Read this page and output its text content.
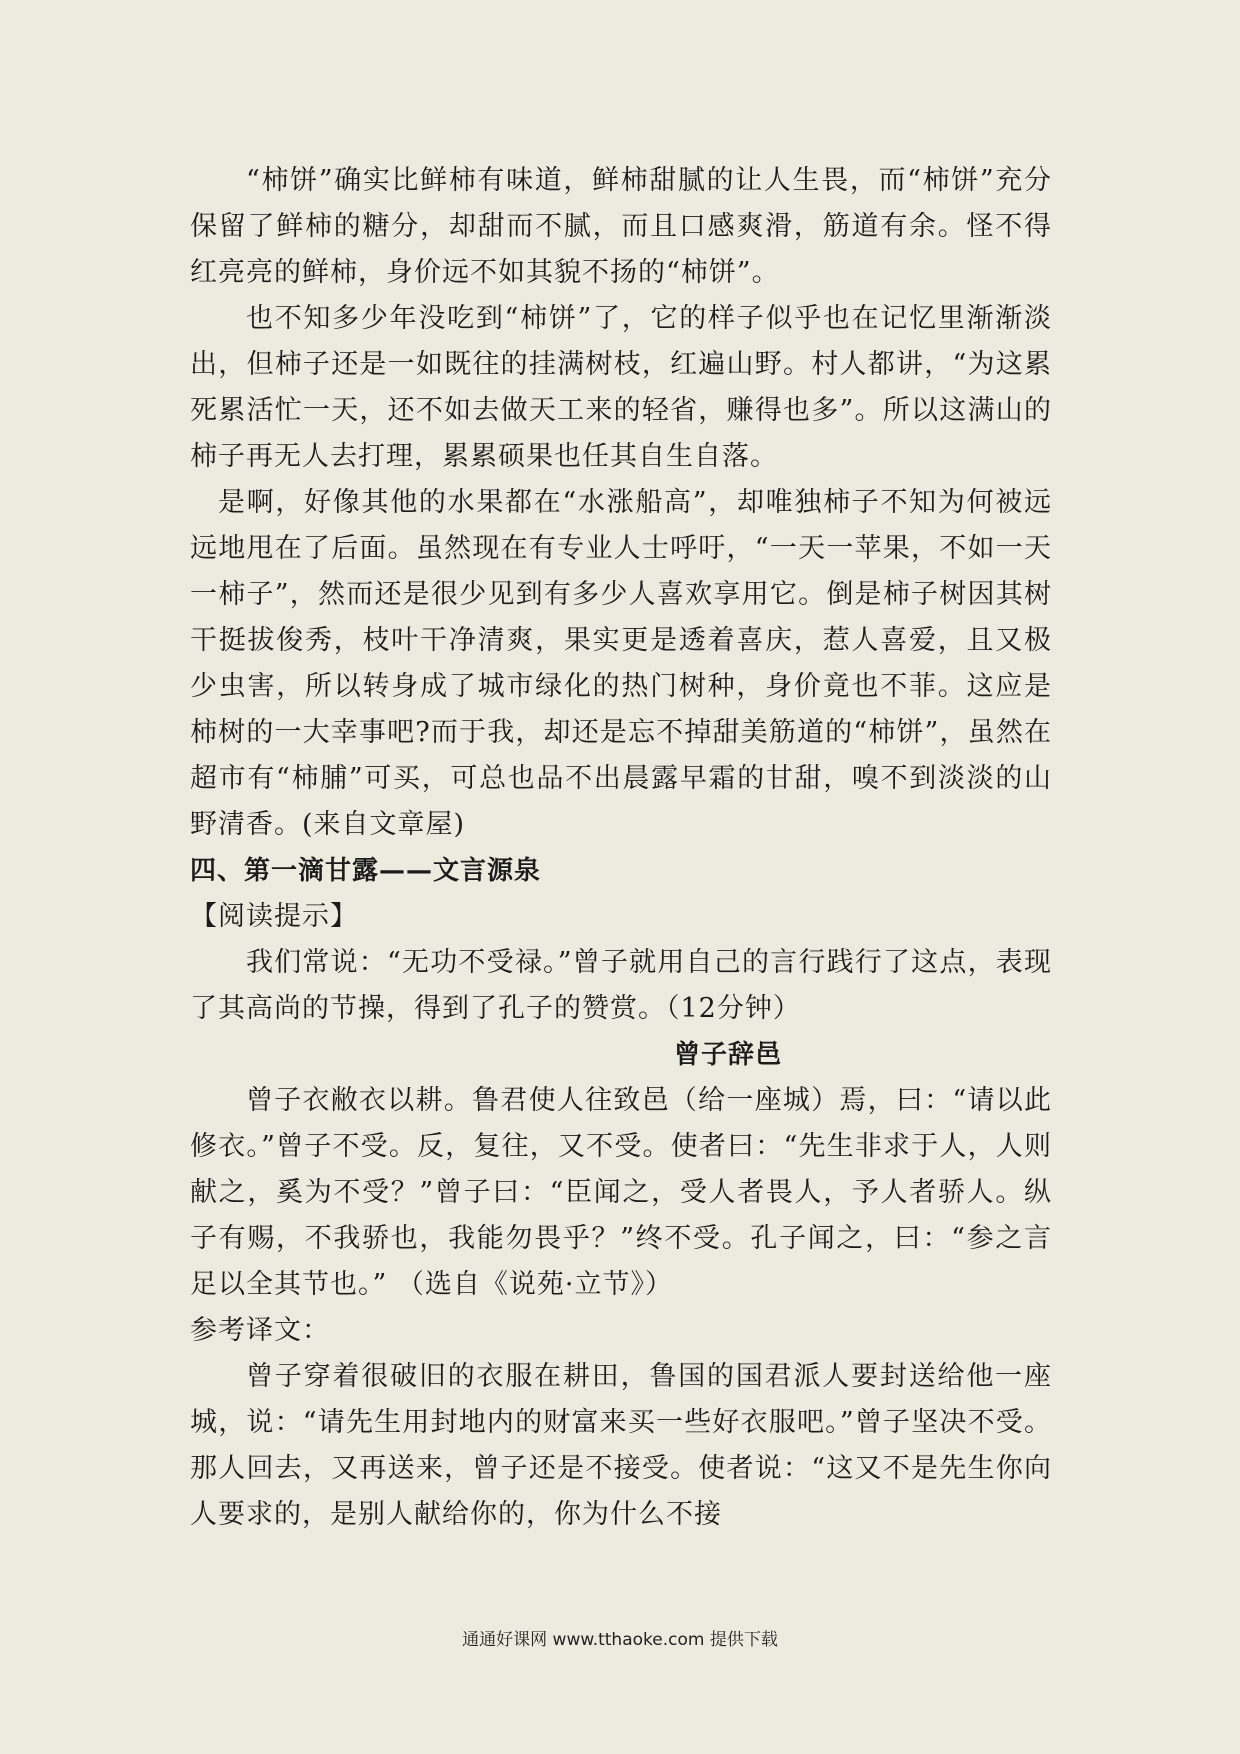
“柿饼”确实比鲜柿有味道，鲜柿甜腻的让人生畏，而“柿饼”充分保留了鲜柿的糖分，却甜而不腻，而且口感爽滑，筋道有余。怪不得红亮亮的鲜柿，身价远不如其貌不扬的“柿饼”。

也不知多少年没吃到“柿饼”了，它的样子似乎也在记忆里渐渐淡出，但柿子还是一如既往的挂满树枝，红遍山野。村人都讲，“为这累死累活忙一天，还不如去做天工来的轻省，赚得也多”。所以这满山的柿子再无人去打理，累累硕果也任其自生自落。

是啊，好像其他的水果都在“水涨船高”，却唯独柿子不知为何被远远地甩在了后面。虽然现在有专业人士呼吁，“一天一苹果，不如一天一柿子”，然而还是很少见到有多少人喜欢享用它。倒是柿子树因其树干挺拔俊秀，枝叶干净清爽，果实更是透着喜庆，惹人喜爱，且又极少虫害，所以转身成了城市绿化的热门树种，身价竟也不菲。这应是柿树的一大幸事吧?而于我，却还是忘不掉甜美筋道的“柿饼”，虽然在超市有“柿脯”可买，可总也品不出晨露早霜的甘甜，嗅不到淡淡的山野清香。(来自文章屋)

四、第一滴甘露——文言源泉
【阅读提示】

我们常说：“无功不受禄。”曾子就用自己的言行践行了这点，表现了其高尚的节操，得到了孔子的赞赏。（12分钟）

曾子辞邑

曾子衣敝衣以耕。鲁君使人往致邑（给一座城）焉，曰：“请以此修衣。”曾子不受。反，复往，又不受。使者曰：“先生非求于人，人则献之，奚为不受？”曾子曰：“臣闻之，受人者畏人，予人者骄人。纵子有赐，不我骄也，我能勿畏乎？”终不受。孔子闻之，曰：“参之言足以全其节也。” （选自《说苑·立节》）

参考译文：

曾子穿着很破旧的衣服在耕田，鲁国的国君派人要封送给他一座城，说：“请先生用封地内的财富来买一些好衣服吧。”曾子坚决不受。那人回去，又再送来，曾子还是不接受。使者说：“这又不是先生你向人要求的，是别人献给你的，你为什么不接

通通好课网 www.tthaoke.com 提供下载
